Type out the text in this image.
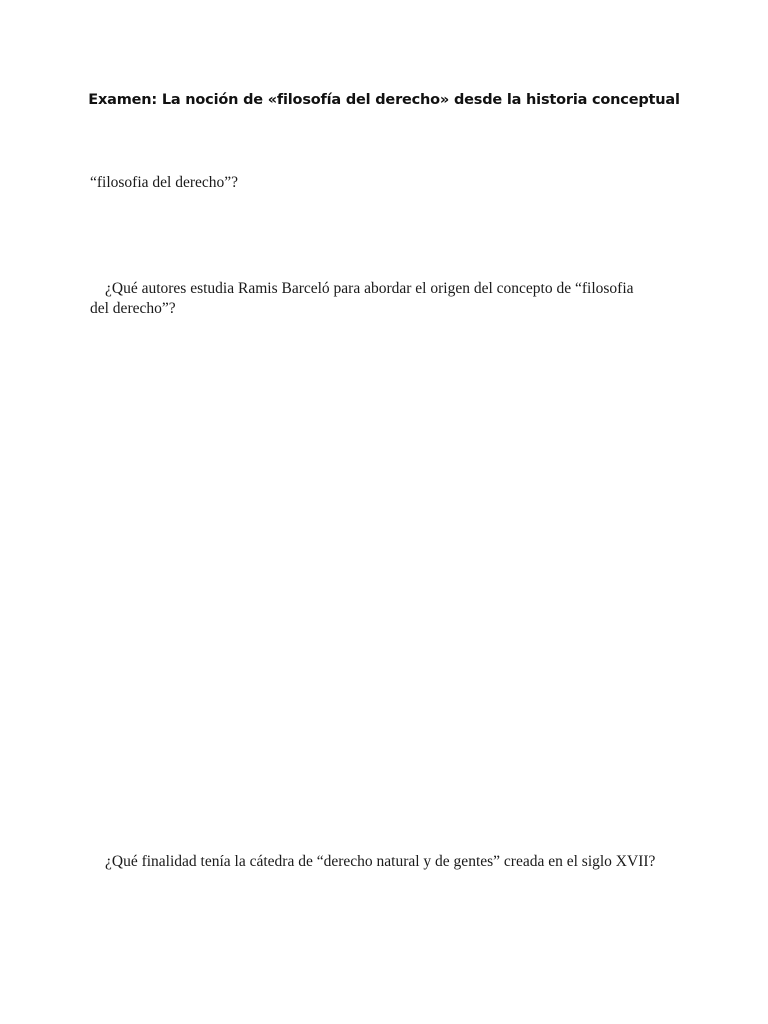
Examen: La noción de «filosofía del derecho» desde la historia conceptual
“filosofia del derecho”?
¿Qué autores estudia Ramis Barceló para abordar el origen del concepto de “filosofia del derecho”?
¿Qué finalidad tenía la cátedra de “derecho natural y de gentes” creada en el siglo XVII?
